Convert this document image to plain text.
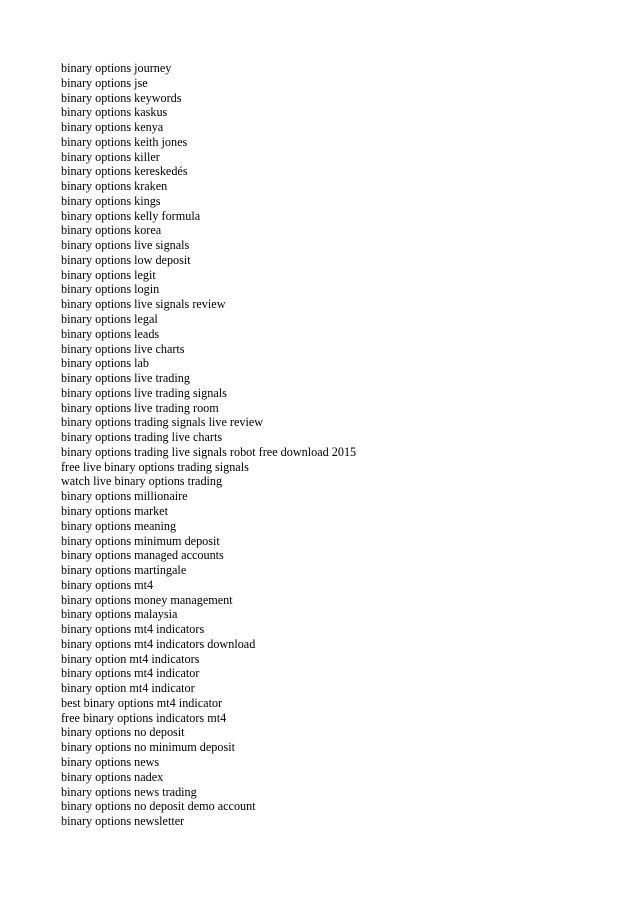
binary options journey
binary options jse
binary options keywords
binary options kaskus
binary options kenya
binary options keith jones
binary options killer
binary options kereskedés
binary options kraken
binary options kings
binary options kelly formula
binary options korea
binary options live signals
binary options low deposit
binary options legit
binary options login
binary options live signals review
binary options legal
binary options leads
binary options live charts
binary options lab
binary options live trading
binary options live trading signals
binary options live trading room
binary options trading signals live review
binary options trading live charts
binary options trading live signals robot free download 2015
free live binary options trading signals
watch live binary options trading
binary options millionaire
binary options market
binary options meaning
binary options minimum deposit
binary options managed accounts
binary options martingale
binary options mt4
binary options money management
binary options malaysia
binary options mt4 indicators
binary options mt4 indicators download
binary option mt4 indicators
binary options mt4 indicator
binary option mt4 indicator
best binary options mt4 indicator
free binary options indicators mt4
binary options no deposit
binary options no minimum deposit
binary options news
binary options nadex
binary options news trading
binary options no deposit demo account
binary options newsletter
